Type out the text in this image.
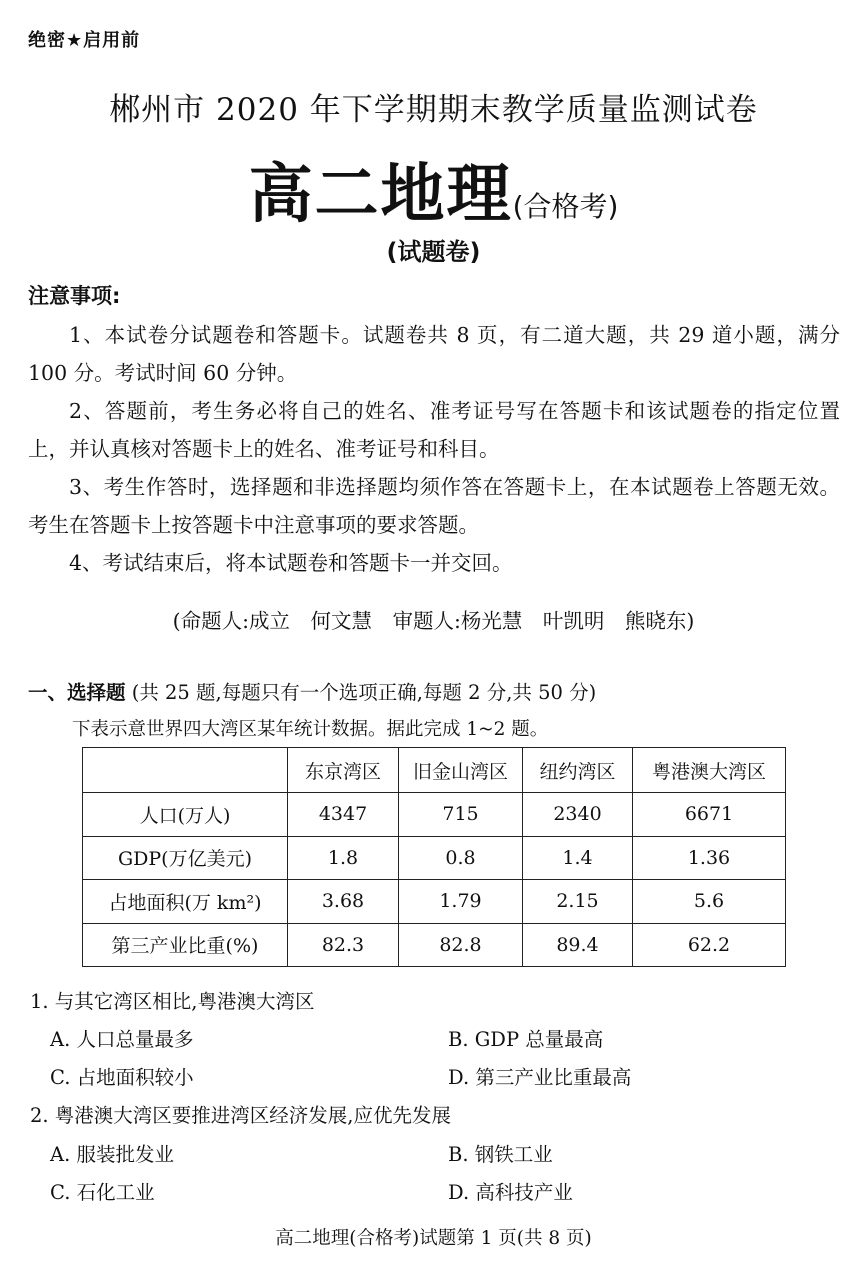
绝密★启用前
郴州市 2020 年下学期期末教学质量监测试卷
高二地理(合格考)
(试题卷)
注意事项:

1、本试卷分试题卷和答题卡。试题卷共 8 页，有二道大题，共 29 道小题，满分 100 分。考试时间 60 分钟。

2、答题前，考生务必将自己的姓名、准考证号写在答题卡和该试题卷的指定位置上，并认真核对答题卡上的姓名、准考证号和科目。

3、考生作答时，选择题和非选择题均须作答在答题卡上，在本试题卷上答题无效。考生在答题卡上按答题卡中注意事项的要求答题。

4、考试结束后，将本试题卷和答题卡一并交回。

(命题人:成立　何文慧　审题人:杨光慧　叶凯明　熊晓东)
一、选择题 (共 25 题,每题只有一个选项正确,每题 2 分,共 50 分)
下表示意世界四大湾区某年统计数据。据此完成 1~2 题。
	东京湾区	旧金山湾区	纽约湾区	粤港澳大湾区
人口(万人)	4347	715	2340	6671
GDP(万亿美元)	1.8	0.8	1.4	1.36
占地面积(万 km²)	3.68	1.79	2.15	5.6
第三产业比重(%)	82.3	82.8	89.4	62.2
1. 与其它湾区相比,粤港澳大湾区
A. 人口总量最多	B. GDP 总量最高
C. 占地面积较小	D. 第三产业比重最高
2. 粤港澳大湾区要推进湾区经济发展,应优先发展
A. 服装批发业	B. 钢铁工业
C. 石化工业	D. 高科技产业
高二地理(合格考)试题第 1 页(共 8 页)
